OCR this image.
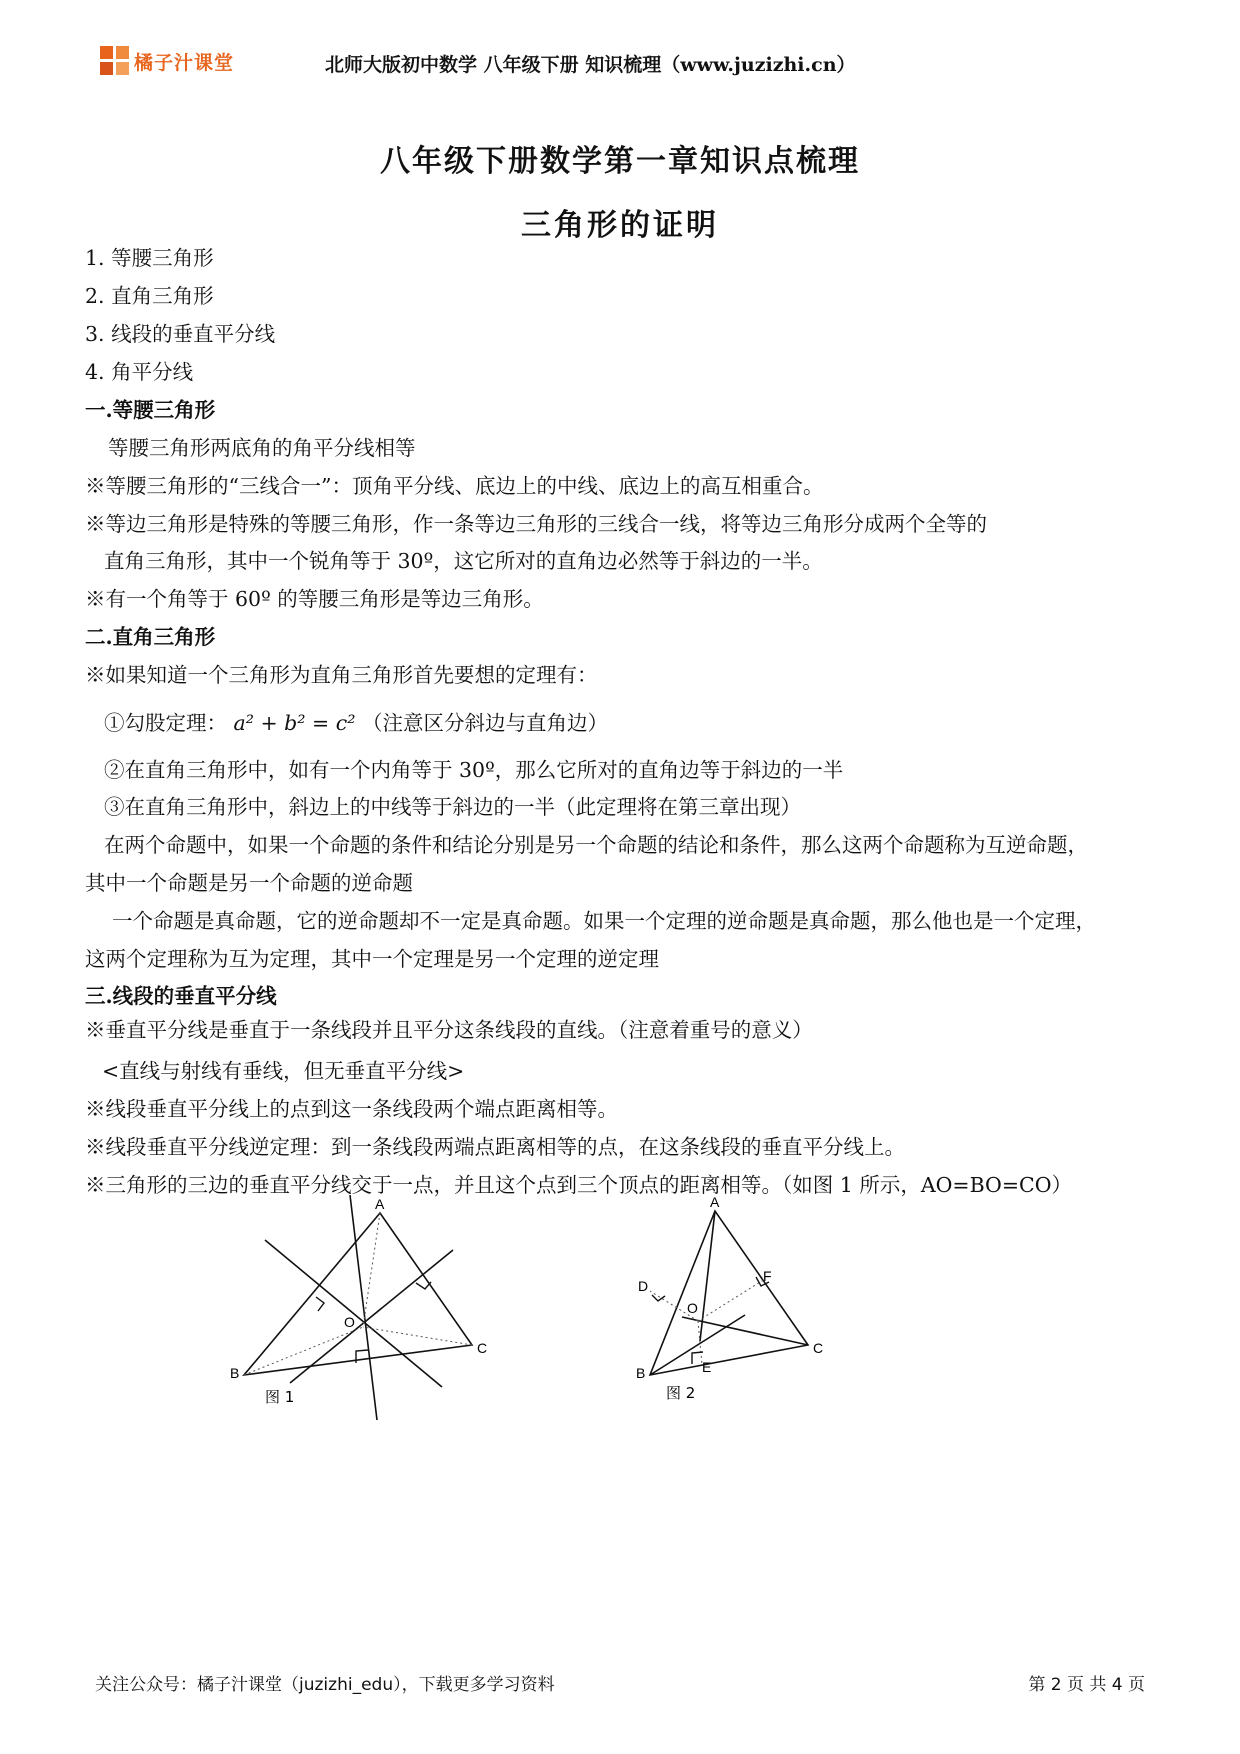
橘子汁课堂	北师大版初中数学 八年级下册 知识梳理（www.juzizhi.cn）
八年级下册数学第一章知识点梳理
三角形的证明
1. 等腰三角形
2. 直角三角形
3. 线段的垂直平分线
4. 角平分线
一.等腰三角形
等腰三角形两底角的角平分线相等
※等腰三角形的“三线合一”：顶角平分线、底边上的中线、底边上的高互相重合。
※等边三角形是特殊的等腰三角形，作一条等边三角形的三线合一线，将等边三角形分成两个全等的
直角三角形，其中一个锐角等于 30º，这它所对的直角边必然等于斜边的一半。
※有一个角等于 60º 的等腰三角形是等边三角形。
二.直角三角形
※如果知道一个三角形为直角三角形首先要想的定理有：
①勾股定理： a² + b² = c² （注意区分斜边与直角边）
②在直角三角形中，如有一个内角等于 30º，那么它所对的直角边等于斜边的一半
③在直角三角形中，斜边上的中线等于斜边的一半（此定理将在第三章出现）
在两个命题中，如果一个命题的条件和结论分别是另一个命题的结论和条件，那么这两个命题称为互逆命题，
其中一个命题是另一个命题的逆命题
一个命题是真命题，它的逆命题却不一定是真命题。如果一个定理的逆命题是真命题，那么他也是一个定理，
这两个定理称为互为定理，其中一个定理是另一个定理的逆定理
三.线段的垂直平分线
※垂直平分线是垂直于一条线段并且平分这条线段的直线。（注意着重号的意义）
<直线与射线有垂线，但无垂直平分线>
※线段垂直平分线上的点到这一条线段两个端点距离相等。
※线段垂直平分线逆定理：到一条线段两端点距离相等的点，在这条线段的垂直平分线上。
※三角形的三边的垂直平分线交于一点，并且这个点到三个顶点的距离相等。（如图 1 所示，AO=BO=CO）
A
B
C
O
图 1
A
B
C
D
E
F
O
图 2
关注公众号：橘子汁课堂（juzizhi_edu），下载更多学习资料	第 2 页 共 4 页
